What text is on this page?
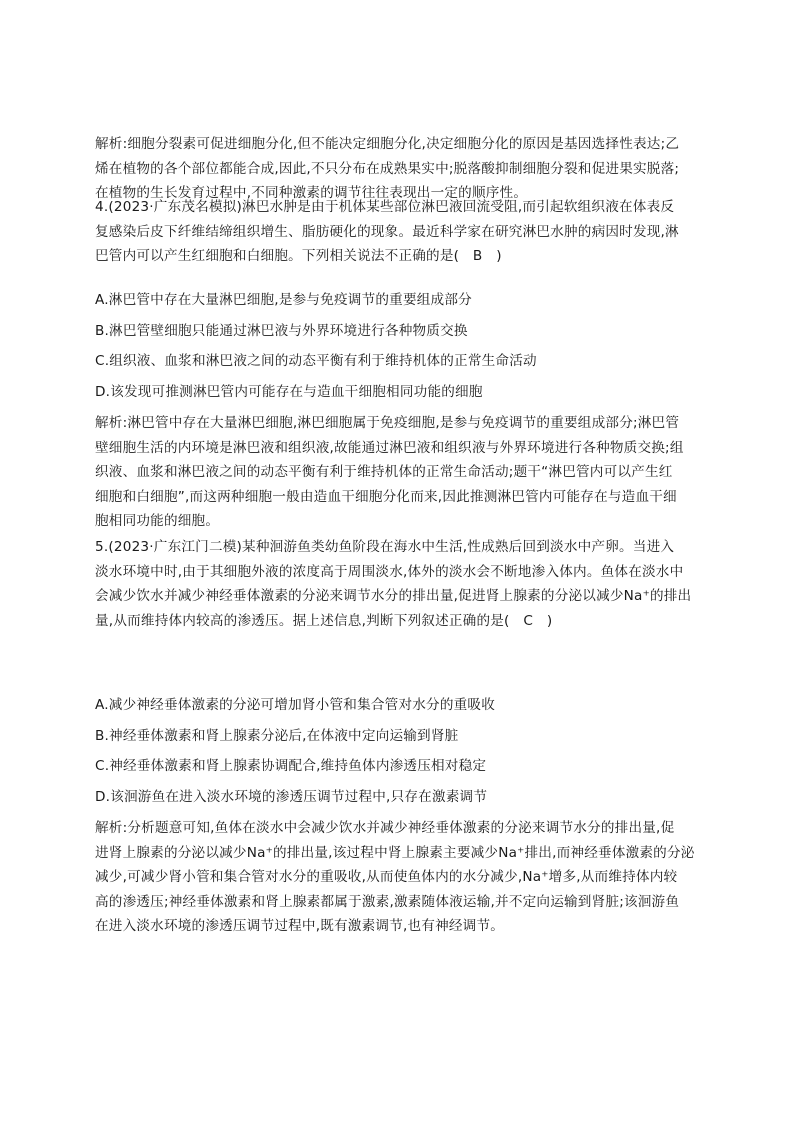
解析:细胞分裂素可促进细胞分化,但不能决定细胞分化,决定细胞分化的原因是基因选择性表达;乙
烯在植物的各个部位都能合成,因此,不只分布在成熟果实中;脱落酸抑制细胞分裂和促进果实脱落;
在植物的生长发育过程中,不同种激素的调节往往表现出一定的顺序性。
4.(2023·广东茂名模拟)淋巴水肿是由于机体某些部位淋巴液回流受阻,而引起软组织液在体表反
复感染后皮下纤维结缔组织增生、脂肪硬化的现象。最近科学家在研究淋巴水肿的病因时发现,淋
巴管内可以产生红细胞和白细胞。下列相关说法不正确的是(　B　)
A.淋巴管中存在大量淋巴细胞,是参与免疫调节的重要组成部分
B.淋巴管壁细胞只能通过淋巴液与外界环境进行各种物质交换
C.组织液、血浆和淋巴液之间的动态平衡有利于维持机体的正常生命活动
D.该发现可推测淋巴管内可能存在与造血干细胞相同功能的细胞
解析:淋巴管中存在大量淋巴细胞,淋巴细胞属于免疫细胞,是参与免疫调节的重要组成部分;淋巴管
壁细胞生活的内环境是淋巴液和组织液,故能通过淋巴液和组织液与外界环境进行各种物质交换;组
织液、血浆和淋巴液之间的动态平衡有利于维持机体的正常生命活动;题干“淋巴管内可以产生红
细胞和白细胞”,而这两种细胞一般由造血干细胞分化而来,因此推测淋巴管内可能存在与造血干细
胞相同功能的细胞。
5.(2023·广东江门二模)某种洄游鱼类幼鱼阶段在海水中生活,性成熟后回到淡水中产卵。当进入
淡水环境中时,由于其细胞外液的浓度高于周围淡水,体外的淡水会不断地渗入体内。鱼体在淡水中
会减少饮水并减少神经垂体激素的分泌来调节水分的排出量,促进肾上腺素的分泌以减少Na⁺的排出
量,从而维持体内较高的渗透压。据上述信息,判断下列叙述正确的是(　C　)
A.减少神经垂体激素的分泌可增加肾小管和集合管对水分的重吸收
B.神经垂体激素和肾上腺素分泌后,在体液中定向运输到肾脏
C.神经垂体激素和肾上腺素协调配合,维持鱼体内渗透压相对稳定
D.该洄游鱼在进入淡水环境的渗透压调节过程中,只存在激素调节
解析:分析题意可知,鱼体在淡水中会减少饮水并减少神经垂体激素的分泌来调节水分的排出量,促
进肾上腺素的分泌以减少Na⁺的排出量,该过程中肾上腺素主要减少Na⁺排出,而神经垂体激素的分泌
减少,可减少肾小管和集合管对水分的重吸收,从而使鱼体内的水分减少,Na⁺增多,从而维持体内较
高的渗透压;神经垂体激素和肾上腺素都属于激素,激素随体液运输,并不定向运输到肾脏;该洄游鱼
在进入淡水环境的渗透压调节过程中,既有激素调节,也有神经调节。
